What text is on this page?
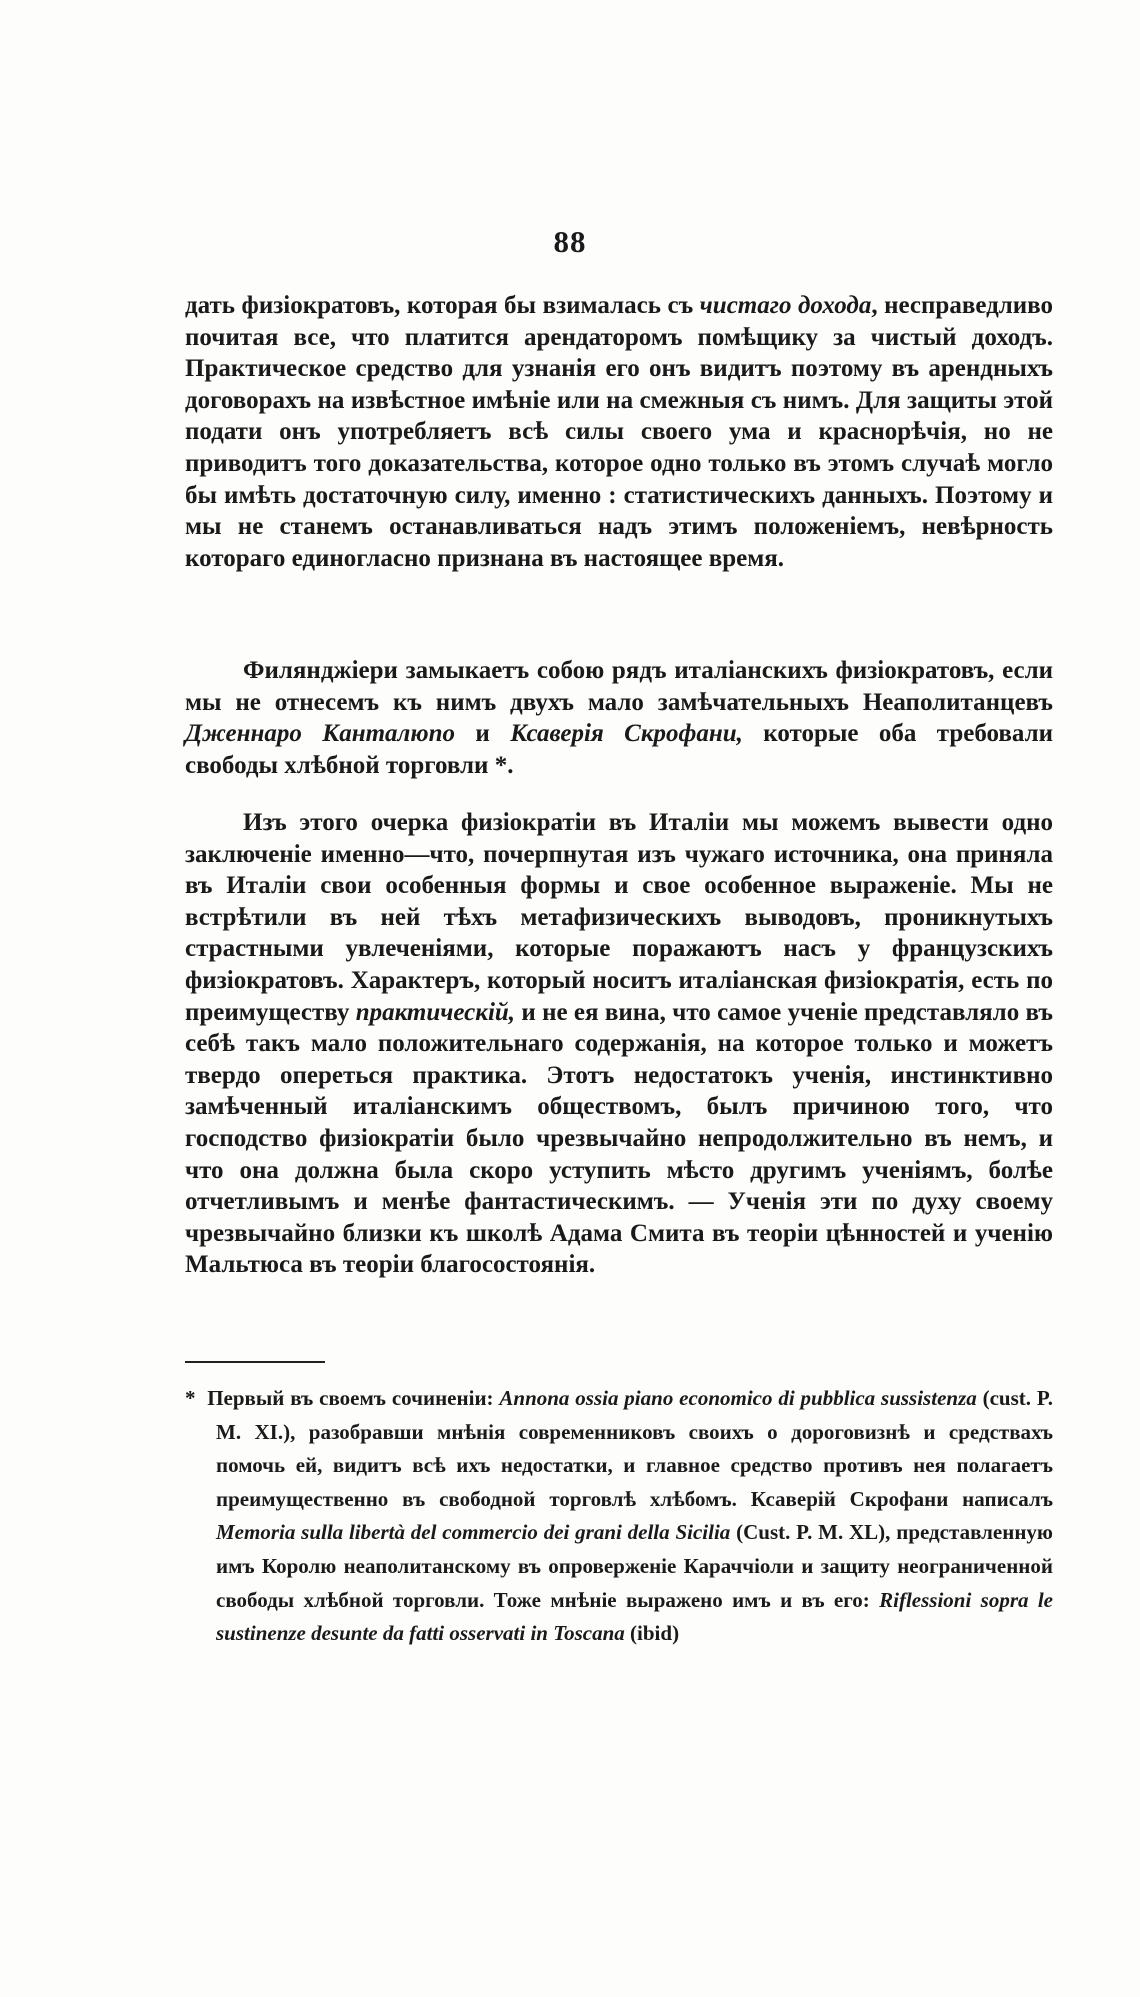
88

дать физіократовъ, которая бы взималась съ чистаго дохода, несправедливо почитая все, что платится арендаторомъ помѣщику за чистый доходъ. Практическое средство для узнанія его онъ видитъ поэтому въ арендныхъ договорахъ на извѣстное имѣніе или на смежныя съ нимъ. Для защиты этой подати онъ употребляетъ всѣ силы своего ума и краснорѣчія, но не приводитъ того доказательства, которое одно только въ этомъ случаѣ могло бы имѣть достаточную силу, именно : статистическихъ данныхъ. Поэтому и мы не станемъ останавливаться надъ этимъ положеніемъ, невѣрность котораго единогласно признана въ настоящее время.

Филянджіери замыкаетъ собою рядъ италіанскихъ физіократовъ, если мы не отнесемъ къ нимъ двухъ мало замѣчательныхъ Неаполитанцевъ Дженнаро Канталюпо и Ксаверія Скрофани, которые оба требовали свободы хлѣбной торговли *.

Изъ этого очерка физіократіи въ Италіи мы можемъ вывести одно заключеніе именно—что, почерпнутая изъ чужаго источника, она приняла въ Италіи свои особенныя формы и свое особенное выраженіе. Мы не встрѣтили въ ней тѣхъ метафизическихъ выводовъ, проникнутыхъ страстными увлеченіями, которые поражаютъ насъ у французскихъ физіократовъ. Характеръ, который носитъ италіанская физіократія, есть по преимуществу практическій, и не ея вина, что самое ученіе представляло въ себѣ такъ мало положительнаго содержанія, на которое только и можетъ твердо опереться практика. Этотъ недостатокъ ученія, инстинктивно замѣченный италіанскимъ обществомъ, былъ причиною того, что господство физіократіи было чрезвычайно непродолжительно въ немъ, и что она должна была скоро уступить мѣсто другимъ ученіямъ, болѣе отчетливымъ и менѣе фантастическимъ. — Ученія эти по духу своему чрезвычайно близки къ школѣ Адама Смита въ теоріи цѣнностей и ученію Мальтюса въ теоріи благосостоянія.

* Первый въ своемъ сочиненіи: Annona ossia piano economico di pubblica sussistenza (cust. P. M. XI.), разобравши мнѣнія современниковъ своихъ о дороговизнѣ и средствахъ помочь ей, видитъ всѣ ихъ недостатки, и главное средство противъ нея полагаетъ преимущественно въ свободной торговлѣ хлѣбомъ. Ксаверій Скрофани написалъ Memoria sulla libertà del commercio dei grani della Sicilia (Cust. P. M. XL), представленную имъ Королю неаполитанскому въ опроверженіе Караччіоли и защиту неограниченной свободы хлѣбной торговли. Тоже мнѣніе выражено имъ и въ его: Riflessioni sopra le sustinenze desunte da fatti osservati in Toscana (ibid)
